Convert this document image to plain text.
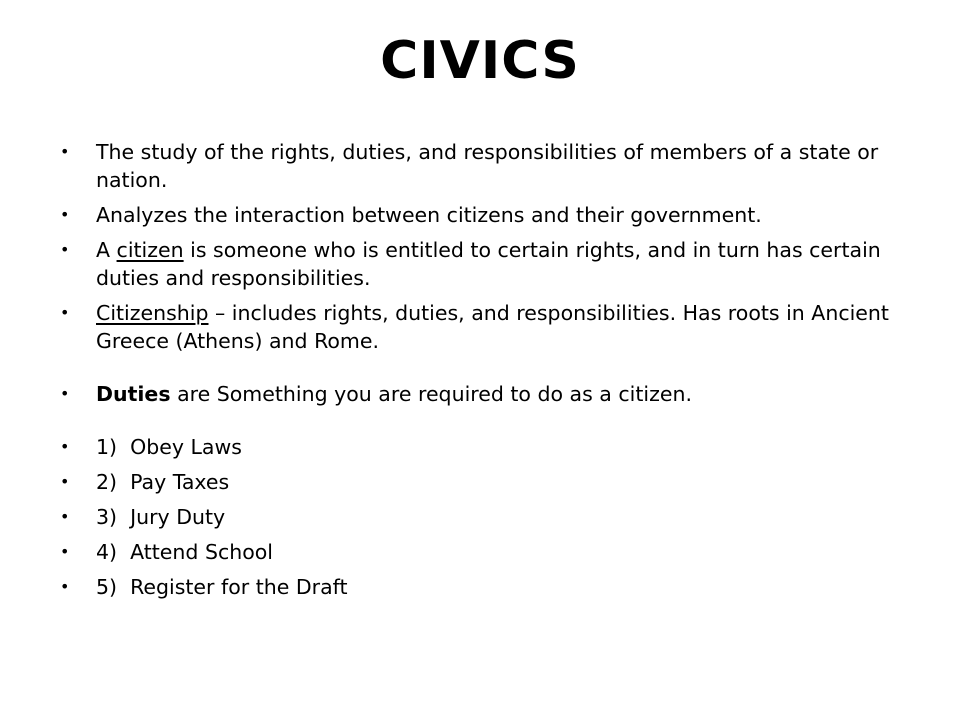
CIVICS
• The study of the rights, duties, and responsibilities of members of a state or nation.
• Analyzes the interaction between citizens and their government.
• A citizen is someone who is entitled to certain rights, and in turn has certain duties and responsibilities.
• Citizenship – includes rights, duties, and responsibilities. Has roots in Ancient Greece (Athens) and Rome.
• Duties are Something you are required to do as a citizen.
• 1)  Obey Laws
• 2)  Pay Taxes
• 3)  Jury Duty
• 4)  Attend School
• 5)  Register for the Draft
